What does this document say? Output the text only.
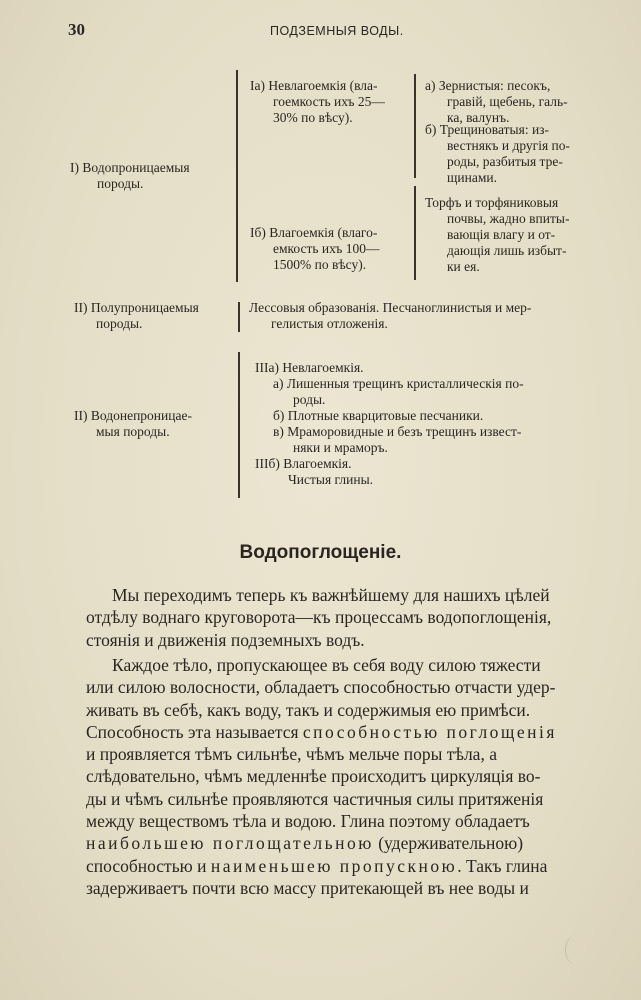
30	ПОДЗЕМНЫЯ ВОДЫ.
I) Водопроницаемыя
породы.
Ia) Невлагоемкія (вла-
гоемкость ихъ 25—
30% по вѣсу).
а) Зернистыя: песокъ,
гравій, щебень, галь-
ка, валунъ.
б) Трещиноватыя: из-
вестнякъ и другія по-
роды, разбитыя тре-
щинами.
Iб) Влагоемкія (влаго-
емкость ихъ 100—
1500% по вѣсу).
Торфъ и торфяниковыя
почвы, жадно впиты-
вающія влагу и от-
дающія лишь избыт-
ки ея.
II) Полупроницаемыя
породы.
Лессовыя образованія. Песчаноглинистыя и мер-
гелистыя отложенія.
II) Водонепроницае-
мыя породы.
IIIa) Невлагоемкія.
а) Лишенныя трещинъ кристаллическія по-
роды.
б) Плотные кварцитовые песчаники.
в) Мраморовидные и безъ трещинъ извест-
няки и мраморъ.
IIIб) Влагоемкія.
Чистыя глины.
Водопоглощеніе.
Мы переходимъ теперь къ важнѣйшему для нашихъ цѣлей
отдѣлу воднаго круговорота—къ процессамъ водопоглощенія,
стоянія и движенія подземныхъ водъ.
Каждое тѣло, пропускающее въ себя воду силою тяжести
или силою волосности, обладаетъ способностью отчасти удер-
живать въ себѣ, какъ воду, такъ и содержимыя ею примѣси.
Способность эта называется способностью поглощенія
и проявляется тѣмъ сильнѣе, чѣмъ мельче поры тѣла, а
слѣдовательно, чѣмъ медленнѣе происходитъ циркуляція во-
ды и чѣмъ сильнѣе проявляются частичныя силы притяженія
между веществомъ тѣла и водою. Глина поэтому обладаетъ
наибольшею поглощательною (удерживательною)
способностью и наименьшею пропускною. Такъ глина
задерживаетъ почти всю массу притекающей въ нее воды и
